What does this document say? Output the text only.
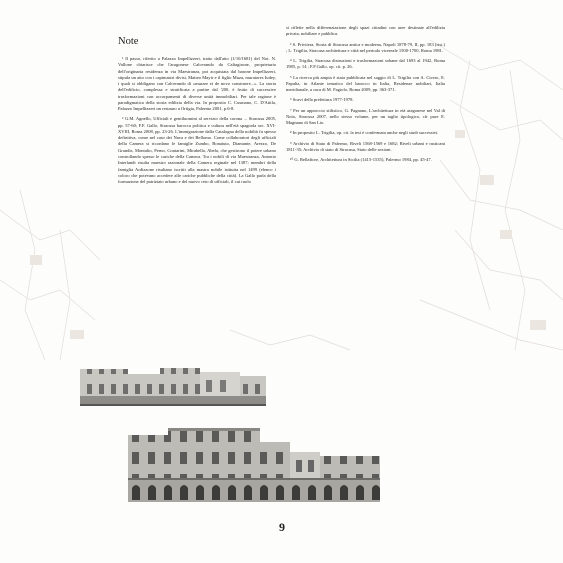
Note

¹ Il passo, riferito a Palazzo Impellizzeri, tratto dall'atto (1/10/1681) del Not. N. Vallone chiarisce che l'aragonese Calcerando da Caltagirone, proprietario dell'originaria residenza in via Maestranza, poi acquistata dal barone Impellizzeri, stipula un atto con i capimastri divisi, Matteo Mayir e il figlio Muza, muratores Iudey, i quali si obbligano con Calcerando di «murare et de novo construere...». La storia dell'edificio, complessa e stratificata a partire dal '200, è frutto di successive trasformazioni con accorpamenti di diverse unità immobiliari. Per tale ragione è paradigmatica della storia edilizia della via. In proposito C. Cusmano, C. D'Attila, Palazzo Impellizzeri un restauro a Ortigia, Palermo 2001, p.6-8.

² G.M. Agnello, Ufficiali e gentiluomini al servizio della corona ... Siracusa 2005, pp. 57-60; F.F. Gallo, Siracusa barocca politica e cultura nell'età spagnola sec. XVI-XVIII, Roma 2008, pp. 23-26. L'immigrazione dalla Catalogna della nobiltà fu spesso definitiva, come nel caso dei Nava e dei Bellomo. Come collaboratori degli ufficiali della Camera si ricordano le famiglie Zumbo, Bonaiuto, Diamante, Arezzo, De Grandis, Montalto, Perno, Contarini, Mirabella, Abela, che gestirono il potere urbano controllando spesso le cariche della Camera. Tra i nobili di via Maestranza, Antonio Interlandi risulta maestro razionale della Camera reginale nel 1387; membri della famiglia Ardizzone risultano iscritti alla mastra nobile istituita nel 1499 (elenco i coloro che potevano accedere alle cariche pubbliche della città). La Gallo parla della formazione del patriziato urbano e del nuovo ceto di ufficiali, il cui ruolo

si riflette nella differenziazione degli spazi cittadini con aree destinate all'edilizia privata, nobiliare e pubblica.

³ S. Privitera, Storia di Siracusa antica e moderna, Napoli 1878-79, II, pp. 183 (rist.) ; L. Trigilia, Siracusa architettura e città nel periodo vicereale 1500-1700, Roma 1981.

⁴ L. Trigilia, Siracusa distruzioni e trasformazioni urbane dal 1693 al 1942, Roma 1985, p. 14 ; F.F.Gallo, op. cit. p. 26.

⁵ La ricerca più ampia è stata pubblicata nel saggio di L. Trigilia con A. Cicero, E. Papalia, in Atlante tematico del barocco in Italia, Residenze nobiliari, Italia meridionale, a cura di M. Fagiolo, Roma 2009, pp. 363-371.

⁶ Scavi della prefettura 1977-1978.

⁷ Per un approccio stilistico, G. Pagnano, L'architettura in età aragonese nel Val di Noto, Siracusa 2007, nello stesso volume, per un taglio tipologico, cfr pure E. Magnano di San Lio.

⁸ In proposito L. Trigilia, op. cit. la tesi è confermata anche negli studi successivi.

⁹ Archivio di Stato di Palermo, Riveli 1568-1569 e 1682; Riveli urbani e rusticani 1811-35; Archivio di stato di Siracusa, Stato delle sezioni.

¹⁰ G. Bellafiore, Architettura in Sicilia (1415-1535), Palermo 1984, pp. 45-47.

9
